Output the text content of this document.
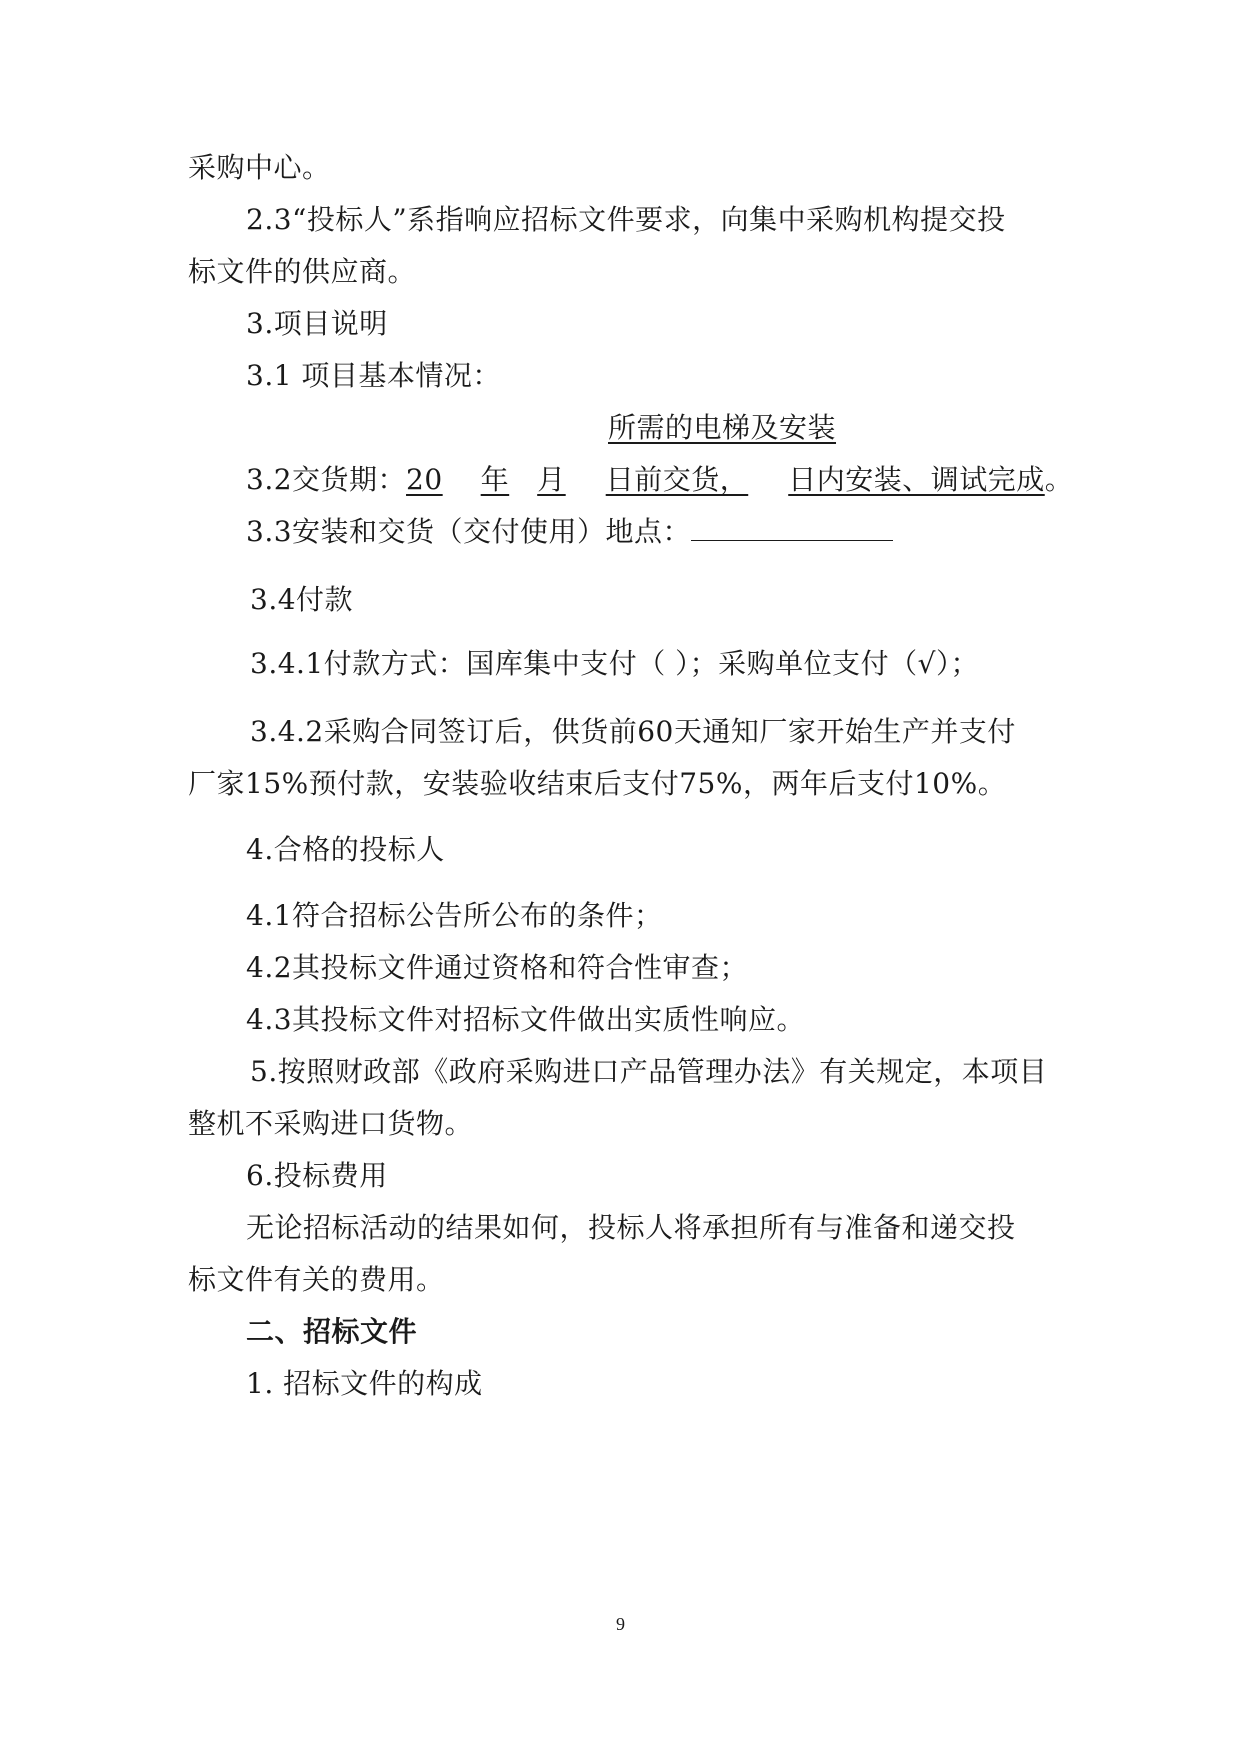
采购中心。
2.3“投标人”系指响应招标文件要求，向集中采购机构提交投
标文件的供应商。
3.项目说明
3.1 项目基本情况：
所需的电梯及安装
3.2交货期：20 年 月 日前交货， 日内安装、调试完成。
3.3安装和交货（交付使用）地点：
3.4付款
3.4.1付款方式：国库集中支付（ ）；采购单位支付（√）；
3.4.2采购合同签订后，供货前60天通知厂家开始生产并支付
厂家15%预付款，安装验收结束后支付75%，两年后支付10%。
4.合格的投标人
4.1符合招标公告所公布的条件；
4.2其投标文件通过资格和符合性审查；
4.3其投标文件对招标文件做出实质性响应。
5.按照财政部《政府采购进口产品管理办法》有关规定，本项目
整机不采购进口货物。
6.投标费用
无论招标活动的结果如何，投标人将承担所有与准备和递交投
标文件有关的费用。
二、招标文件
1. 招标文件的构成
9
